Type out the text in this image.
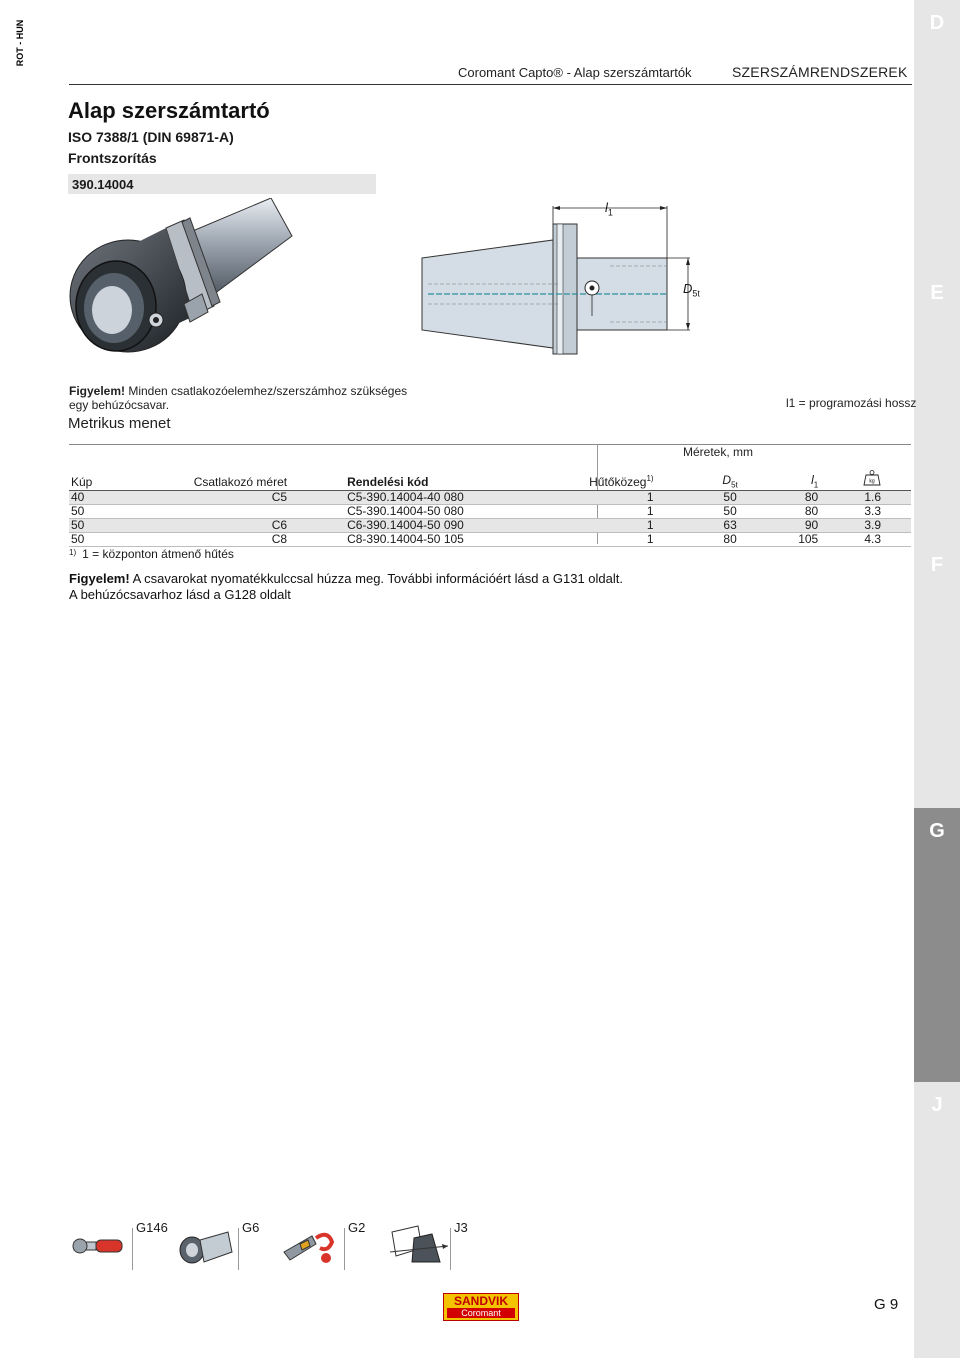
ROT - HUN	D
E
F
G
J
Coromant Capto® - Alap szerszámtartók	SZERSZÁMRENDSZEREK
Alap szerszámtartó
ISO 7388/1 (DIN 69871-A)
Frontszorítás
390.14004
$l_1$
$D_{5t}$
Figyelem! Minden csatlakozóelemhez/szerszámhoz szükséges egy behúzócsavar.	l1 = programozási hossz
Metrikus menet
Méretek, mm
Kúp	Csatlakozó méret	Rendelési kód	Hűtőközeg$^{1)}$	$D_{5t}$	$l_1$	kg

40	C5	C5-390.14004-40 080	1	50	80	1.6
50		C5-390.14004-50 080	1	50	80	3.3
50	C6	C6-390.14004-50 090	1	63	90	3.9
50	C8	C8-390.14004-50 105	1	80	105	4.3
$^{1)}$ 1 = központon átmenő hűtés
Figyelem! A csavarokat nyomatékkulccsal húzza meg. További információért lásd a G131 oldalt.
A behúzócsavarhoz lásd a G128 oldalt
G146	G6	G2	J3
SANDVIK
Coromant	G 9
